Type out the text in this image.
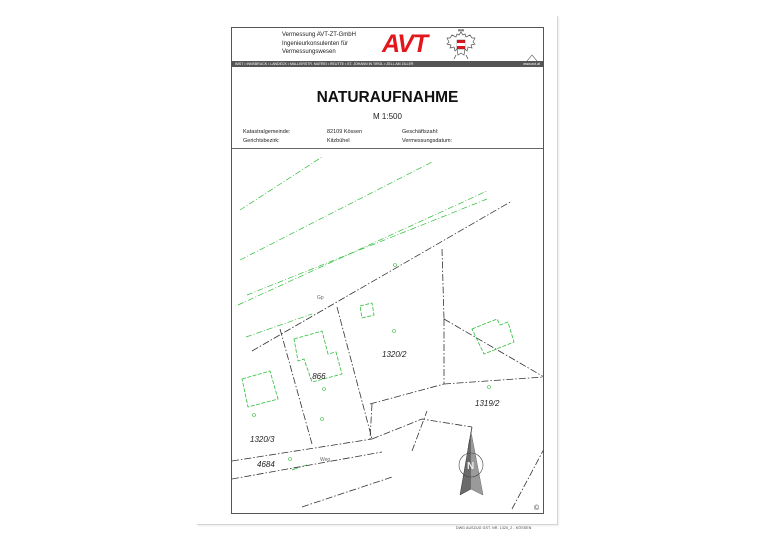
Vermessung AVT-ZT-GmbH
Ingenieurkonsulenten für
Vermessungswesen	AVT
IMST • INNSBRUCK • LANDECK • MALLEIRSTR. MATREI • REUTTE • ST. JOHANN IN TIROL • ZELL AM ZILLER	www.avt.at
NATURAUFNAHME
M 1:500
Katastralgemeinde:	82109 Kössen
Gerichtsbezirk:	Kitzbühel
Geschäftszahl:
Vermessungsdatum:
1320/2
1319/2
1320/3
.866
4684
Gp
Weg
N
©
DWG AUSZUG GST. NR. 1320_2 - KÖSSEN
